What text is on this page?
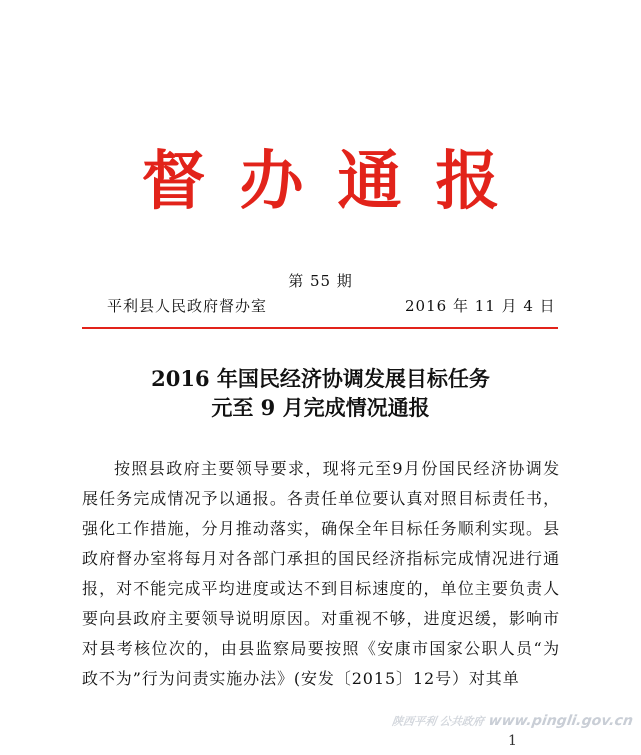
督办通报
第 55 期
平利县人民政府督办室	2016 年 11 月 4 日
2016 年国民经济协调发展目标任务
元至 9 月完成情况通报
按照县政府主要领导要求，现将元至9月份国民经济协调发展任务完成情况予以通报。各责任单位要认真对照目标责任书，强化工作措施，分月推动落实，确保全年目标任务顺利实现。县政府督办室将每月对各部门承担的国民经济指标完成情况进行通报，对不能完成平均进度或达不到目标速度的，单位主要负责人要向县政府主要领导说明原因。对重视不够，进度迟缓，影响市对县考核位次的，由县监察局要按照《安康市国家公职人员“为政不为”行为问责实施办法》(安发〔2015〕12号）对其单
陕西平利 公共政府 www.pingli.gov.cn
1
